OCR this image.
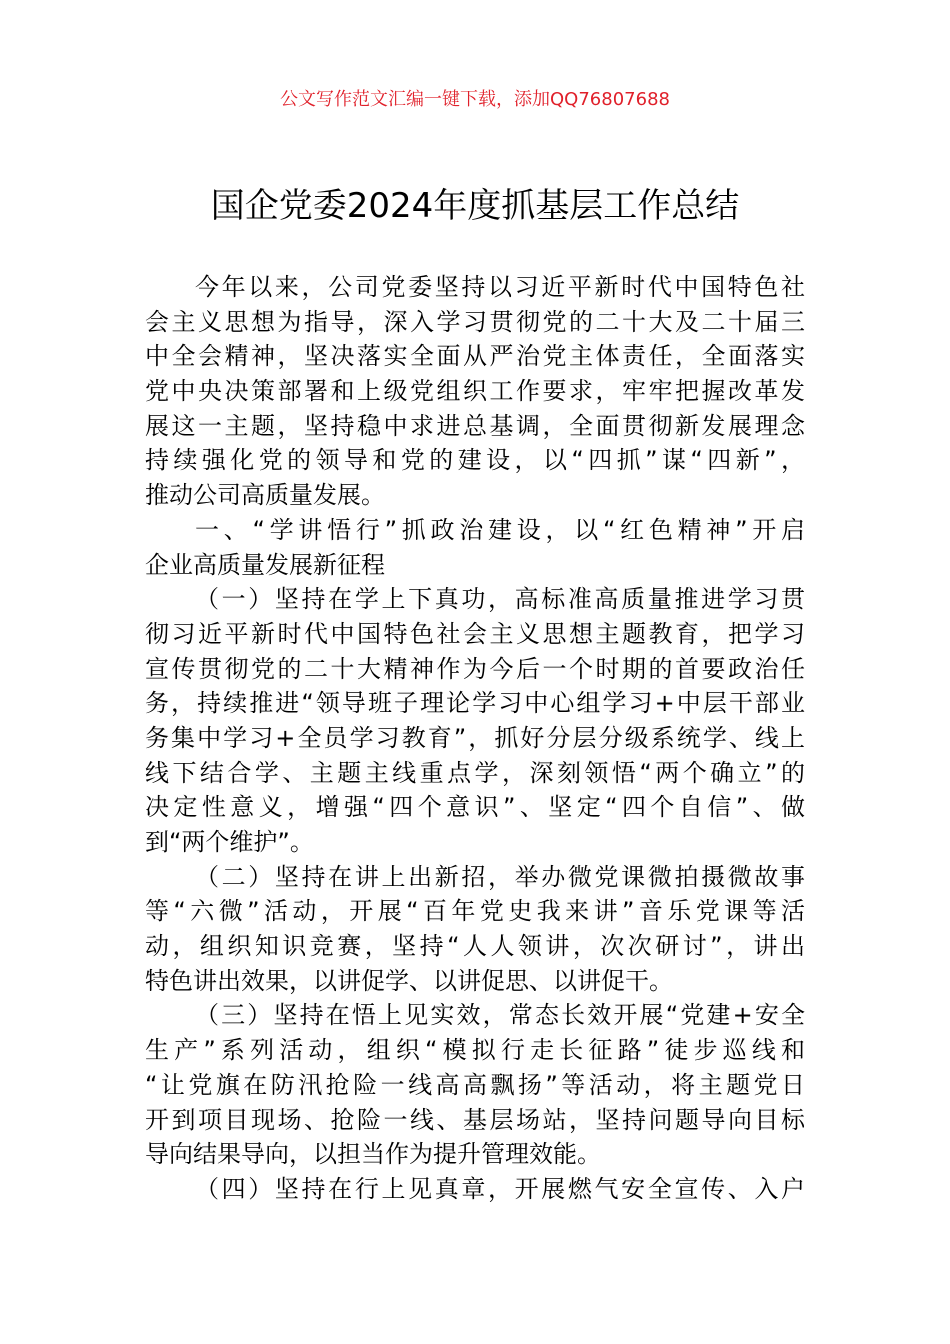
公文写作范文汇编一键下载，添加QQ76807688
国企党委2024年度抓基层工作总结
今年以来，公司党委坚持以习近平新时代中国特色社
会主义思想为指导，深入学习贯彻党的二十大及二十届三
中全会精神，坚决落实全面从严治党主体责任，全面落实
党中央决策部署和上级党组织工作要求，牢牢把握改革发
展这一主题，坚持稳中求进总基调，全面贯彻新发展理念
持续强化党的领导和党的建设，以“四抓”谋“四新”，
推动公司高质量发展。
一、“学讲悟行”抓政治建设，以“红色精神”开启
企业高质量发展新征程
（一）坚持在学上下真功，高标准高质量推进学习贯
彻习近平新时代中国特色社会主义思想主题教育，把学习
宣传贯彻党的二十大精神作为今后一个时期的首要政治任
务，持续推进“领导班子理论学习中心组学习+中层干部业
务集中学习+全员学习教育”，抓好分层分级系统学、线上
线下结合学、主题主线重点学，深刻领悟“两个确立”的
决定性意义，增强“四个意识”、坚定“四个自信”、做
到“两个维护”。
（二）坚持在讲上出新招，举办微党课微拍摄微故事
等“六微”活动，开展“百年党史我来讲”音乐党课等活
动，组织知识竞赛，坚持“人人领讲，次次研讨”，讲出
特色讲出效果，以讲促学、以讲促思、以讲促干。
（三）坚持在悟上见实效，常态长效开展“党建+安全
生产”系列活动，组织“模拟行走长征路”徒步巡线和
“让党旗在防汛抢险一线高高飘扬”等活动，将主题党日
开到项目现场、抢险一线、基层场站，坚持问题导向目标
导向结果导向，以担当作为提升管理效能。
（四）坚持在行上见真章，开展燃气安全宣传、入户
